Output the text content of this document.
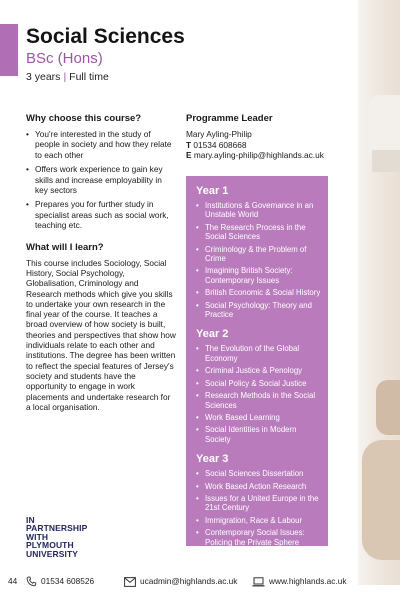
Social Sciences
BSc (Hons)
3 years | Full time
Why choose this course?
• You're interested in the study of people in society and how they relate to each other
• Offers work experience to gain key skills and increase employability in key sectors
• Prepares you for further study in specialist areas such as social work, teaching etc.
What will I learn?

This course includes Sociology, Social History, Social Psychology, Globalisation, Criminology and Research methods which give you skills to undertake your own research in the final year of the course. It teaches a broad overview of how society is built, theories and perspectives that show how individuals relate to each other and institutions. The degree has been written to reflect the special features of Jersey's society and students have the opportunity to engage in work placements and undertake research for a local organisation.

Programme Leader
Mary Ayling-Philip
T 01534 608668
E mary.ayling-philip@highlands.ac.uk
Year 1
• Institutions & Governance in an Unstable World
• The Research Process in the Social Sciences
• Criminology & the Problem of Crime
• Imagining British Society: Contemporary Issues
• British Economic & Social History
• Social Psychology: Theory and Practice
Year 2
• The Evolution of the Global Economy
• Criminal Justice & Penology
• Social Policy & Social Justice
• Research Methods in the Social Sciences
• Work Based Learning
• Social Identities in Modern Society
Year 3
• Social Sciences Dissertation
• Work Based Action Research
• Issues for a United Europe in the 21st Century
• Immigration, Race & Labour
• Contemporary Social Issues: Policing the Private Sphere
IN
PARTNERSHIP
WITH
PLYMOUTH
UNIVERSITY
44	01534 608526	ucadmin@highlands.ac.uk	www.highlands.ac.uk
